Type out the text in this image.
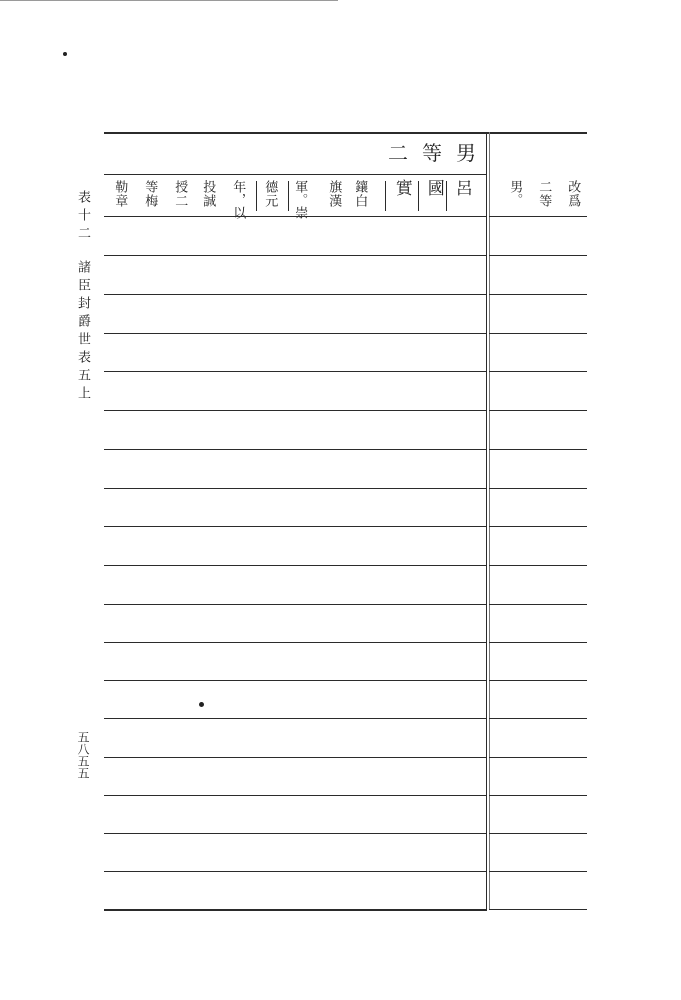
表十二諸臣封爵世表五上
五八五五
二等男
呂
國
實
鑲白
旗漢
軍。崇
德元
年，以
投誠
授二
等梅
勒章	改爲
二等
男。
